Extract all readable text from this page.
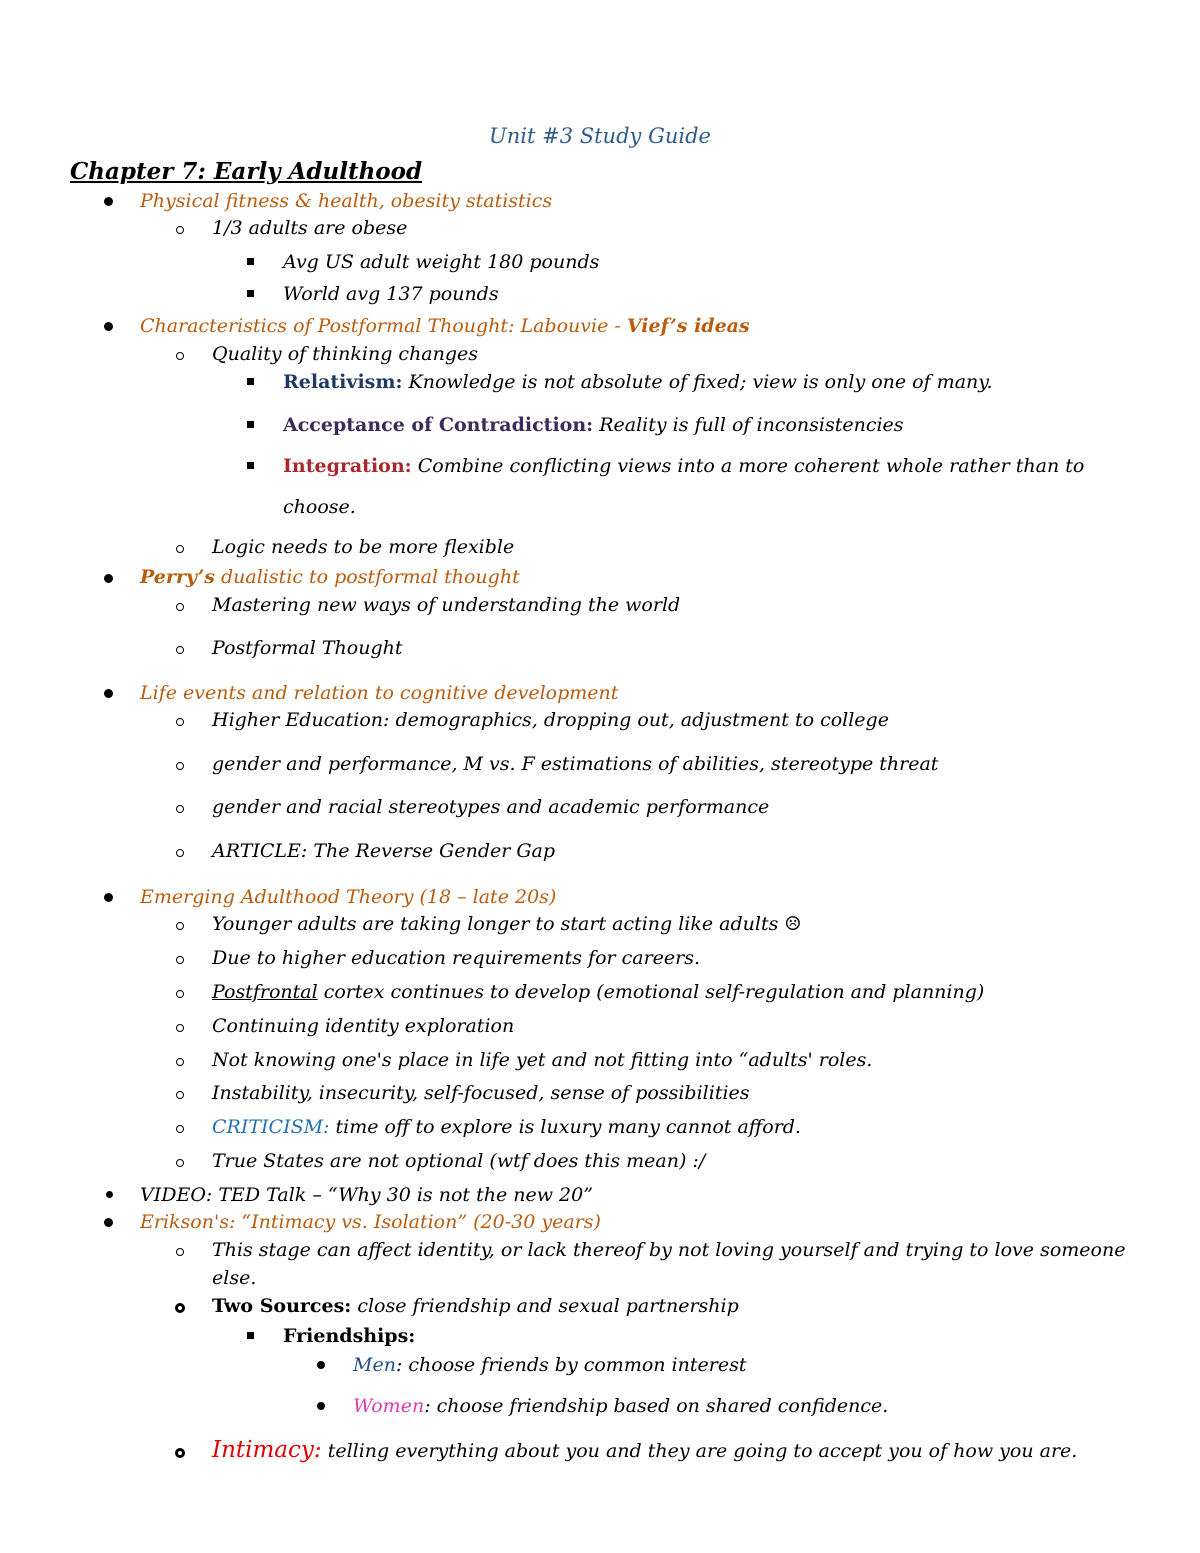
Unit #3 Study Guide
Chapter 7: Early Adulthood
Physical fitness & health, obesity statistics
1/3 adults are obese
Avg US adult weight 180 pounds
World avg 137 pounds
Characteristics of Postformal Thought: Labouvie - Vief’s ideas
Quality of thinking changes
Relativism: Knowledge is not absolute of fixed; view is only one of many.
Acceptance of Contradiction: Reality is full of inconsistencies
Integration: Combine conflicting views into a more coherent whole rather than to
choose.
Logic needs to be more flexible
Perry’s dualistic to postformal thought
Mastering new ways of understanding the world
Postformal Thought
Life events and relation to cognitive development
Higher Education: demographics, dropping out, adjustment to college
gender and performance, M vs. F estimations of abilities, stereotype threat
gender and racial stereotypes and academic performance
ARTICLE: The Reverse Gender Gap
Emerging Adulthood Theory (18 – late 20s)
Younger adults are taking longer to start acting like adults ☹
Due to higher education requirements for careers.
Postfrontal cortex continues to develop (emotional self-regulation and planning)
Continuing identity exploration
Not knowing one's place in life yet and not fitting into “adults' roles.
Instability, insecurity, self-focused, sense of possibilities
CRITICISM: time off to explore is luxury many cannot afford.
True States are not optional (wtf does this mean) :/
VIDEO: TED Talk – “Why 30 is not the new 20”
Erikson's: “Intimacy vs. Isolation” (20-30 years)
This stage can affect identity, or lack thereof by not loving yourself and trying to love someone
else.
Two Sources: close friendship and sexual partnership
Friendships:
Men: choose friends by common interest
Women: choose friendship based on shared confidence.
Intimacy: telling everything about you and they are going to accept you of how you are.
